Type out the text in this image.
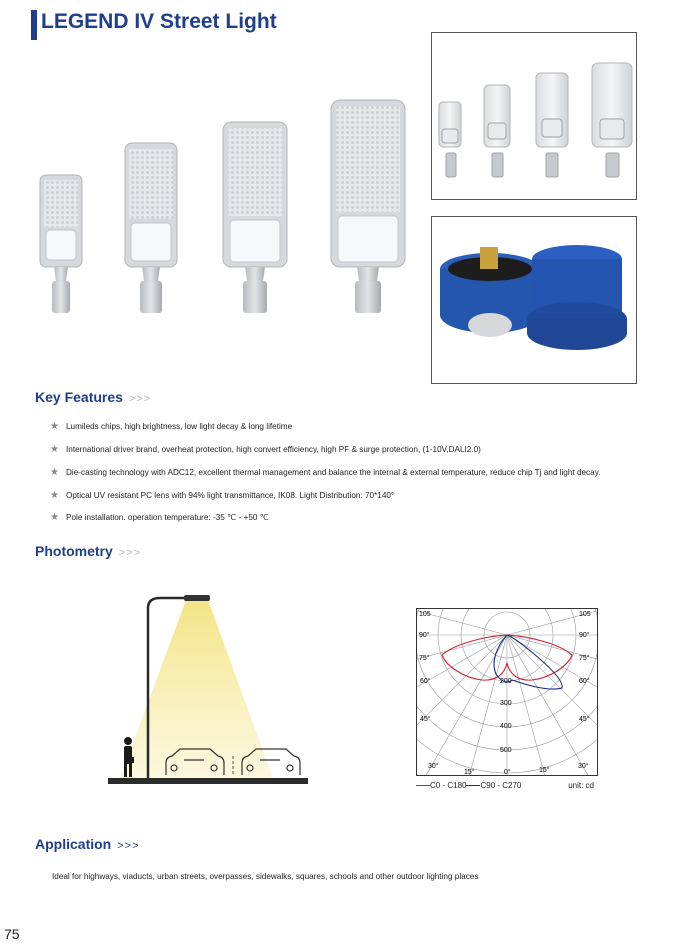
LEGEND IV Street Light
Key Features >>>
★ Lumileds chips, high brightness, low light decay & long lifetime
★ International driver brand, overheat protection, high convert efficiency, high PF & surge protection, (1-10V,DALI2.0)
★ Die-casting technology with ADC12, excellent thermal management and balance the internal & external temperature, reduce chip Tj and light decay.
★ Optical UV resistant PC lens with 94% light transmittance, IK08. Light Distribution: 70*140°
★ Pole installation. operation temperature: -35 ℃ - +50 ℃
Photometry >>>
105	105
90°	90°
75°	75°
60°	60°
45°	45°
30°	30°
15°	0°	15°
200
300
400
500
C0 - C180 C90 - C270	unit: cd
Application >>>
Ideal for highways, viaducts, urban streets, overpasses, sidewalks, squares, schools and other outdoor lighting places
75
